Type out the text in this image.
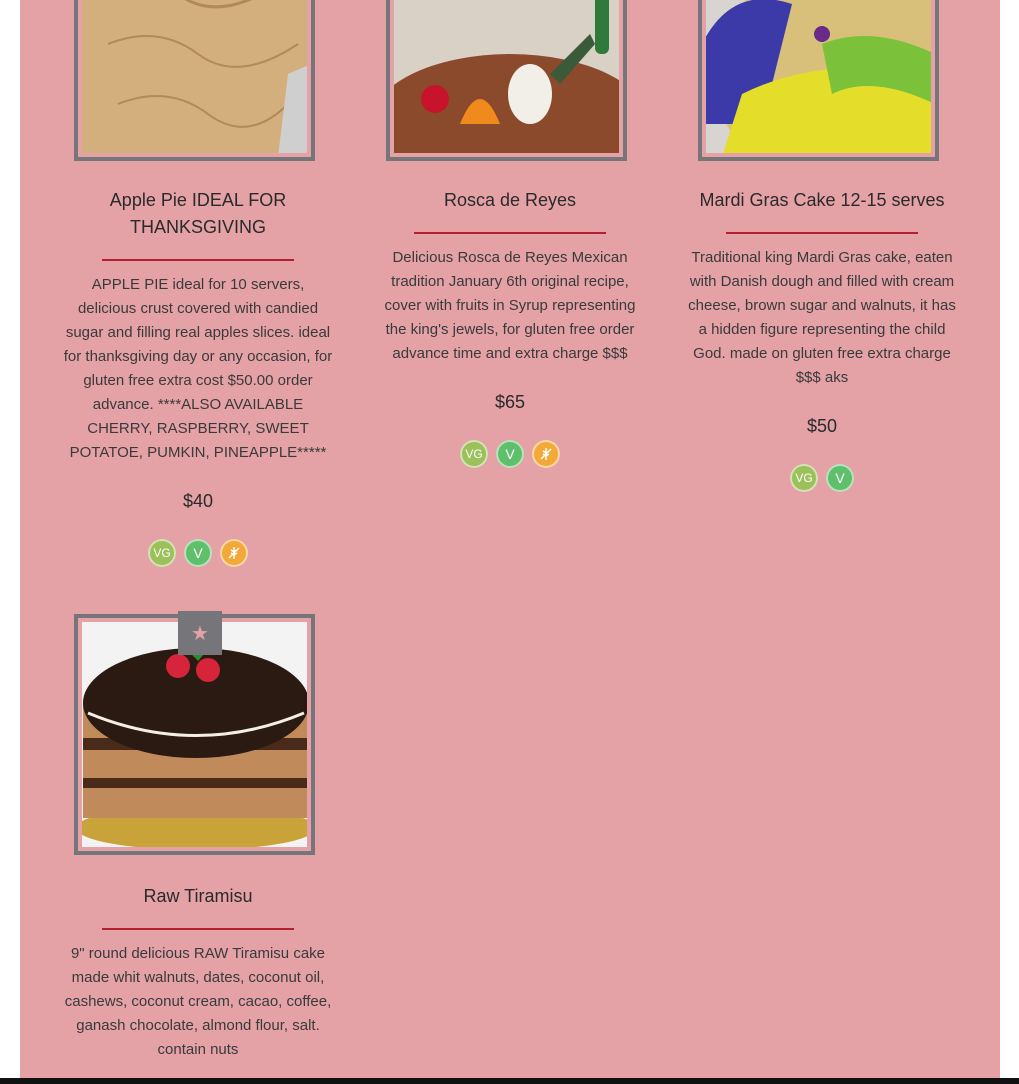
Apple Pie IDEAL FOR THANKSGIVING
APPLE PIE ideal for 10 servers, delicious crust covered with candied sugar and filling real apples slices. ideal for thanksgiving day or any occasion, for gluten free extra cost $50.00 order advance. ****ALSO AVAILABLE CHERRY, RASPBERRY, SWEET POTATOE, PUMKIN, PINEAPPLE*****
$40
VG	V
Rosca de Reyes
Delicious Rosca de Reyes Mexican tradition January 6th original recipe, cover with fruits in Syrup representing the king's jewels, for gluten free order advance time and extra charge $$$
$65
VG	V
Mardi Gras Cake 12-15 serves
Traditional king Mardi Gras cake, eaten with Danish dough and filled with cream cheese, brown sugar and walnuts, it has a hidden figure representing the child God. made on gluten free extra charge $$$ aks
$50
VG	V
★
Raw Tiramisu
9" round delicious RAW Tiramisu cake made whit walnuts, dates, coconut oil, cashews, coconut cream, cacao, coffee, ganash chocolate, almond flour, salt. contain nuts
